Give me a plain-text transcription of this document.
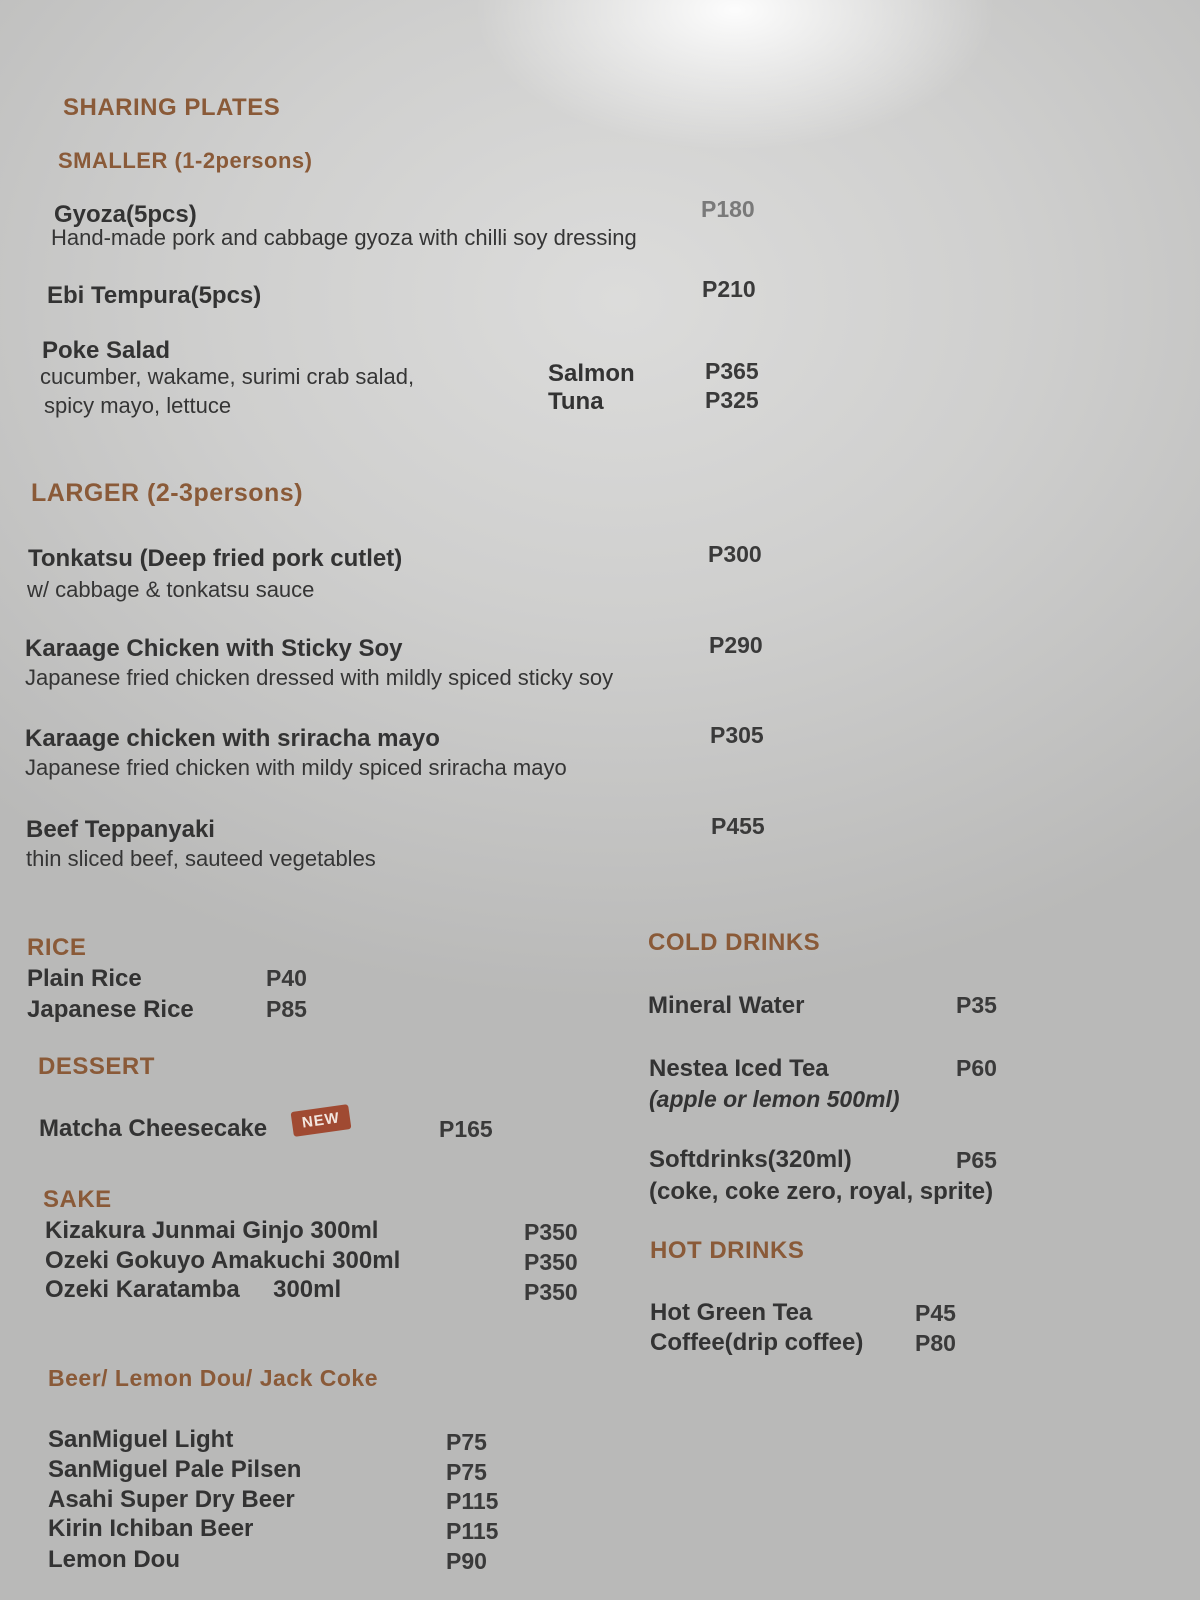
SHARING PLATES
SMALLER (1-2persons)
Gyoza(5pcs)	P180
Hand-made pork and cabbage gyoza with chilli soy dressing
Ebi Tempura(5pcs)	P210
Poke Salad
cucumber, wakame, surimi crab salad,
spicy mayo, lettuce
Salmon	P365
Tuna	P325
LARGER (2-3persons)
Tonkatsu (Deep fried pork cutlet)	P300
w/ cabbage & tonkatsu sauce
Karaage Chicken with Sticky Soy	P290
Japanese fried chicken dressed with mildly spiced sticky soy
Karaage chicken with sriracha mayo	P305
Japanese fried chicken with mildy spiced sriracha mayo
Beef Teppanyaki	P455
thin sliced beef, sauteed vegetables
RICE
Plain Rice	P40
Japanese Rice	P85
DESSERT
Matcha Cheesecake	NEW	P165
SAKE
Kizakura Junmai Ginjo 300ml	P350
Ozeki Gokuyo Amakuchi 300ml	P350
Ozeki Karatamba     300ml	P350
Beer/ Lemon Dou/ Jack Coke
SanMiguel Light	P75
SanMiguel Pale Pilsen	P75
Asahi Super Dry Beer	P115
Kirin Ichiban Beer	P115
Lemon Dou	P90
COLD DRINKS
Mineral Water	P35
Nestea Iced Tea	P60
(apple or lemon 500ml)
Softdrinks(320ml)	P65
(coke, coke zero, royal, sprite)
HOT DRINKS
Hot Green Tea	P45
Coffee(drip coffee) P80
